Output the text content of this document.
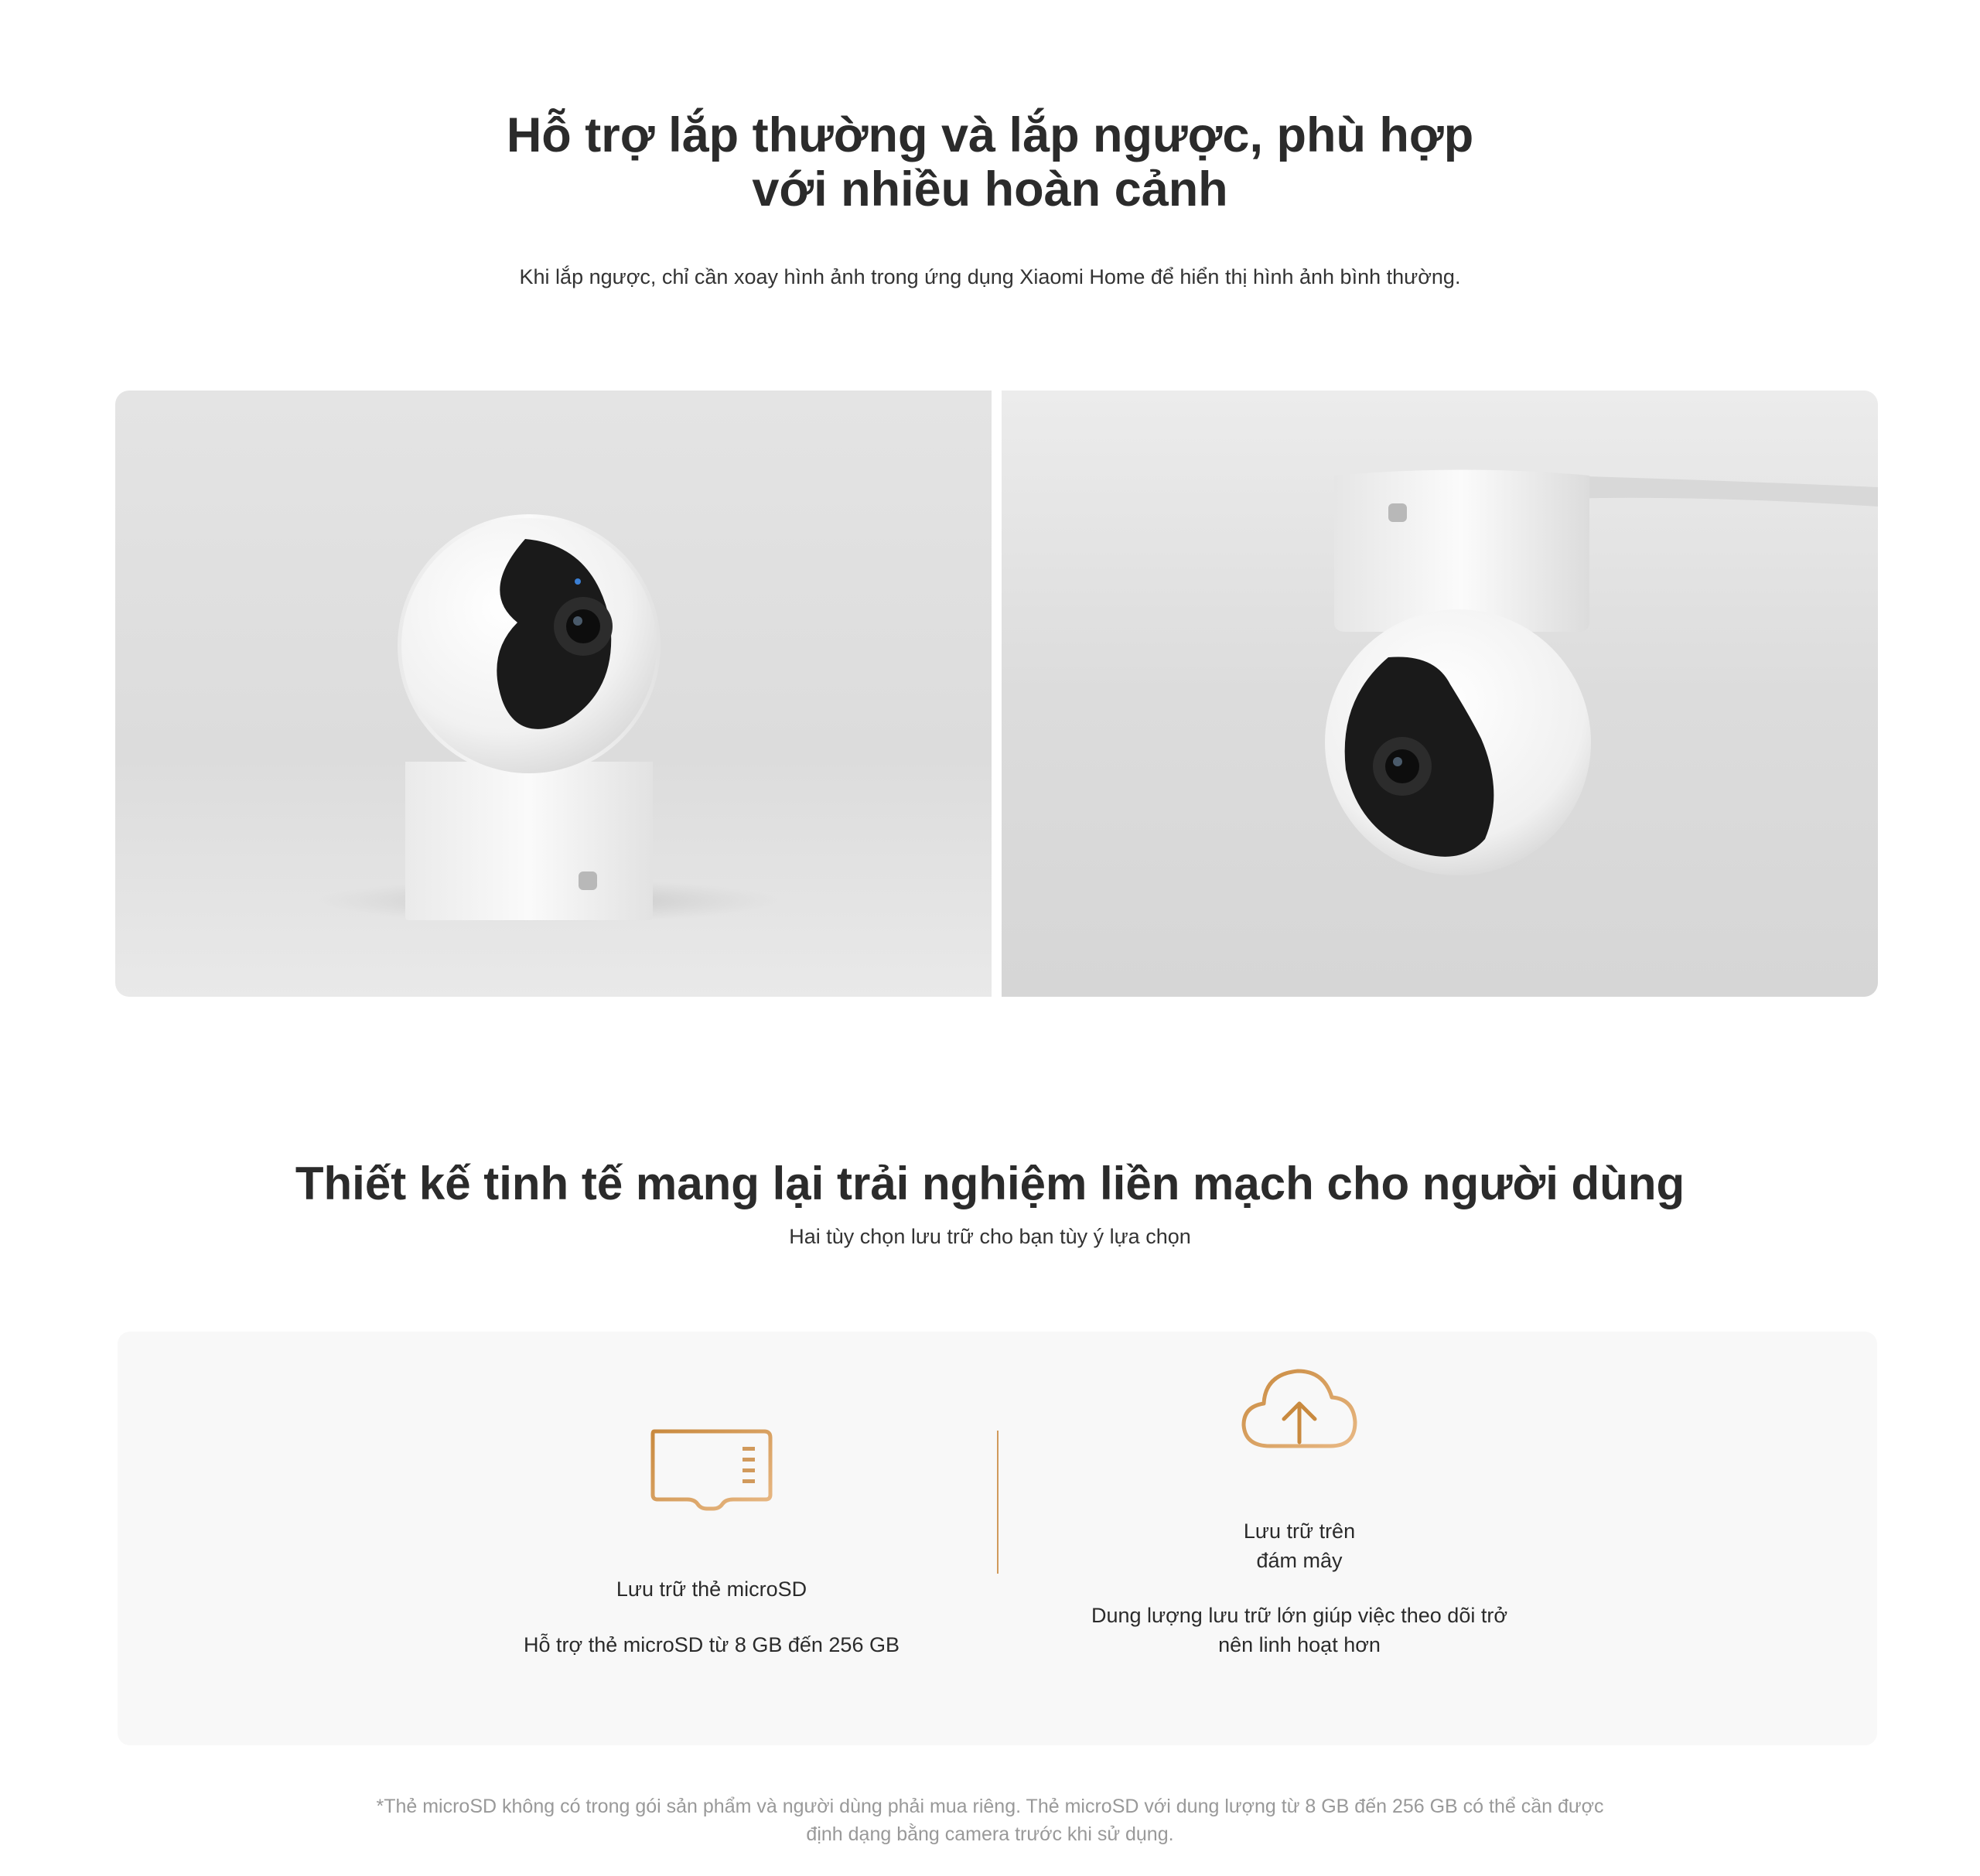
Hỗ trợ lắp thường và lắp ngược, phù hợp
với nhiều hoàn cảnh
Khi lắp ngược, chỉ cần xoay hình ảnh trong ứng dụng Xiaomi Home để hiển thị hình ảnh bình thường.
Thiết kế tinh tế mang lại trải nghiệm liền mạch cho người dùng
Hai tùy chọn lưu trữ cho bạn tùy ý lựa chọn
Lưu trữ thẻ microSD
Hỗ trợ thẻ microSD từ 8 GB đến 256 GB
Lưu trữ trên
đám mây
Dung lượng lưu trữ lớn giúp việc theo dõi trở
nên linh hoạt hơn
*Thẻ microSD không có trong gói sản phẩm và người dùng phải mua riêng. Thẻ microSD với dung lượng từ 8 GB đến 256 GB có thể cần được
định dạng bằng camera trước khi sử dụng.
